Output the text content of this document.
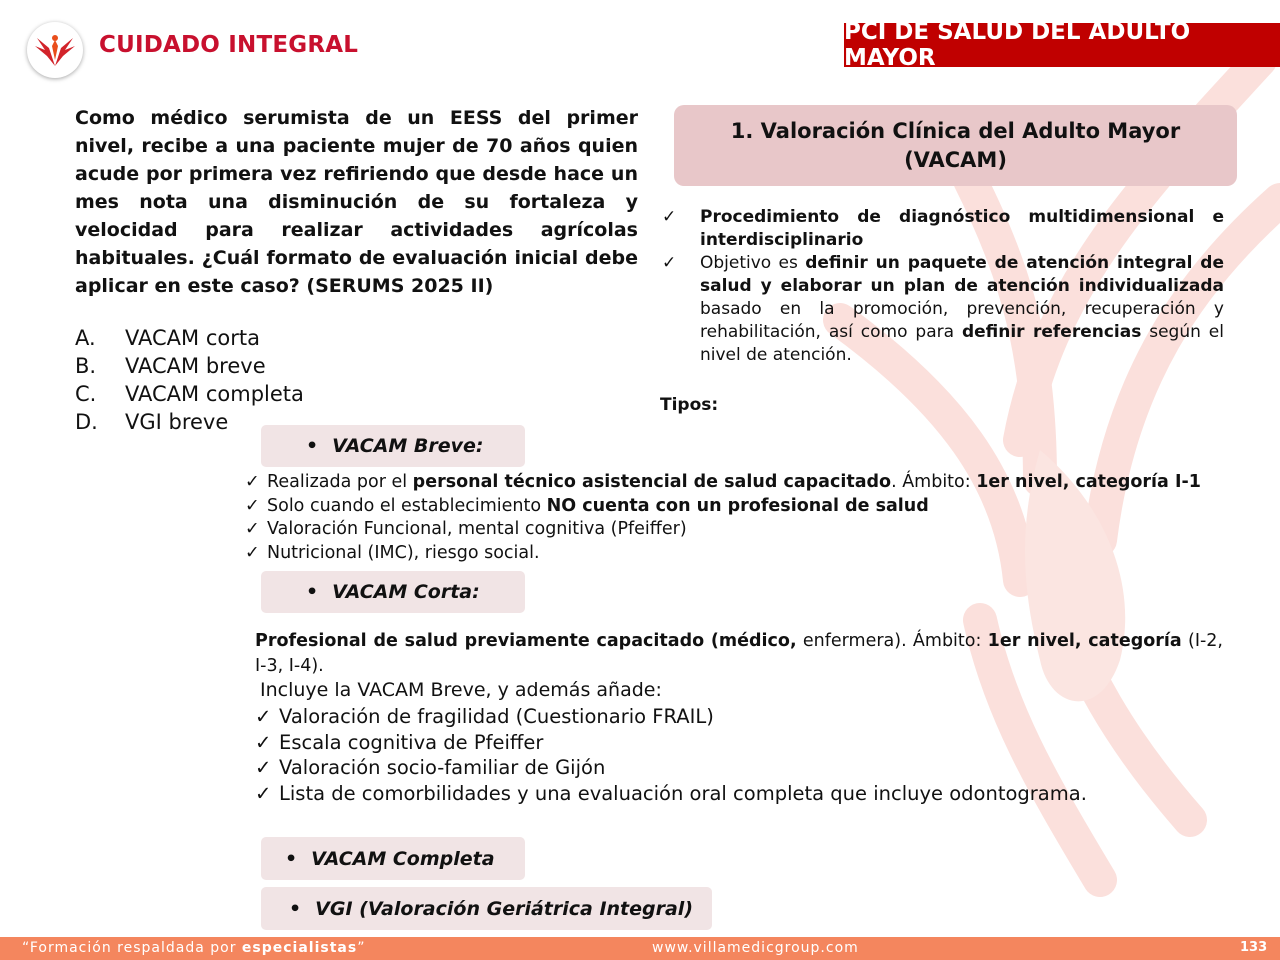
CUIDADO INTEGRAL	PCI DE SALUD DEL ADULTO MAYOR
Como médico serumista de un EESS del primer nivel, recibe a una paciente mujer de 70 años quien acude por primera vez refiriendo que desde hace un mes nota una disminución de su fortaleza y velocidad para realizar actividades agrícolas habituales. ¿Cuál formato de evaluación inicial debe aplicar en este caso? (SERUMS 2025 II)
A.	VACAM corta
B.	VACAM breve
C.	VACAM completa
D.	VGI breve
1. Valoración Clínica del Adulto Mayor (VACAM)
✓	Procedimiento de diagnóstico multidimensional e interdisciplinario
✓	Objetivo es definir un paquete de atención integral de salud y elaborar un plan de atención individualizada basado en la promoción, prevención, recuperación y rehabilitación, así como para definir referencias según el nivel de atención.
Tipos:
• VACAM Breve:
✓ Realizada por el personal técnico asistencial de salud capacitado. Ámbito: 1er nivel, categoría I-1
✓ Solo cuando el establecimiento NO cuenta con un profesional de salud
✓ Valoración Funcional, mental cognitiva (Pfeiffer)
✓ Nutricional (IMC), riesgo social.
• VACAM Corta:
Profesional de salud previamente capacitado (médico, enfermera). Ámbito: 1er nivel, categoría (I-2, I-3, I-4).
Incluye la VACAM Breve, y además añade:
✓ Valoración de fragilidad (Cuestionario FRAIL)
✓ Escala cognitiva de Pfeiffer
✓ Valoración socio-familiar de Gijón
✓ Lista de comorbilidades y una evaluación oral completa que incluye odontograma.
• VACAM Completa
• VGI (Valoración Geriátrica Integral)
“Formación respaldada por especialistas”	www.villamedicgroup.com	133
